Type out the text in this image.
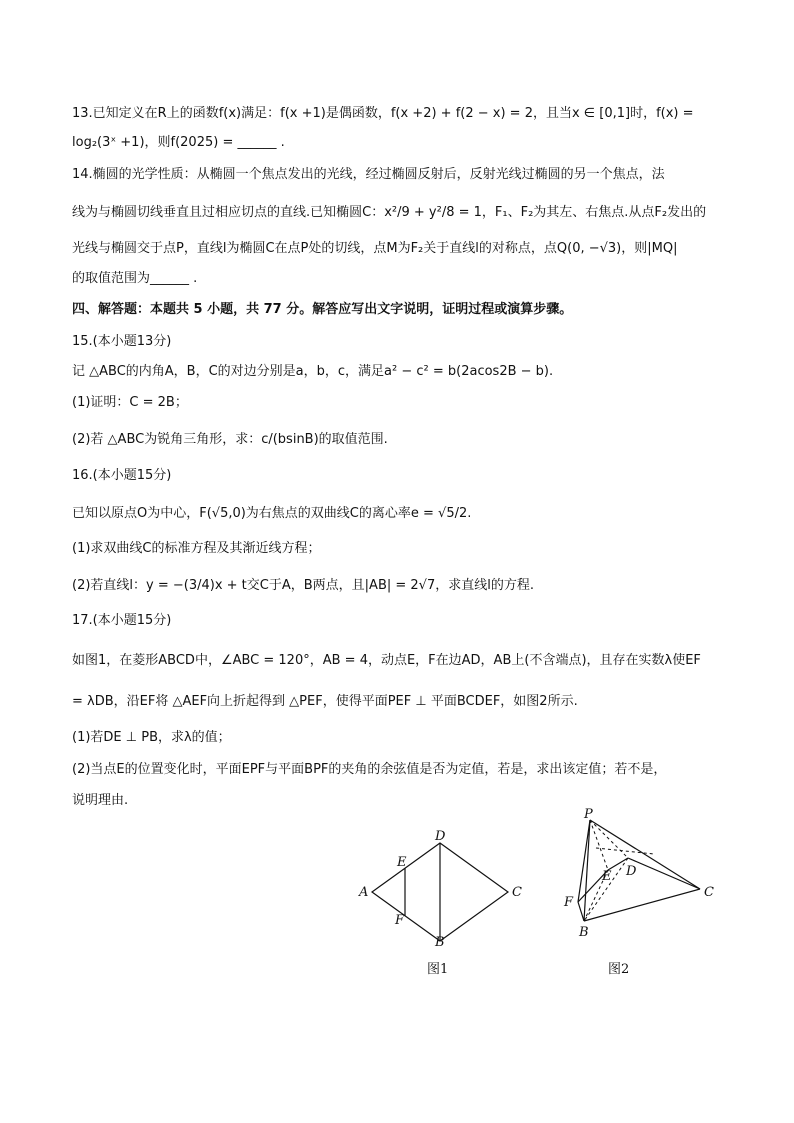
13.已知定义在R上的函数f(x)满足：f(x +1)是偶函数，f(x +2) + f(2 − x) = 2，且当x ∈ [0,1]时，f(x) =
log₂(3ˣ +1)，则f(2025) = ______ .
14.椭圆的光学性质：从椭圆一个焦点发出的光线，经过椭圆反射后，反射光线过椭圆的另一个焦点，法
线为与椭圆切线垂直且过相应切点的直线.已知椭圆C：x²/9 + y²/8 = 1，F₁、F₂为其左、右焦点.从点F₂发出的
光线与椭圆交于点P，直线l为椭圆C在点P处的切线，点M为F₂关于直线l的对称点，点Q(0, −√3)，则|MQ|
的取值范围为______ .
四、解答题：本题共 5 小题，共 77 分。解答应写出文字说明，证明过程或演算步骤。
15.(本小题13分)
记 △ABC的内角A，B，C的对边分别是a，b，c，满足a² − c² = b(2acos2B − b).
(1)证明：C = 2B；
(2)若 △ABC为锐角三角形，求：c/(bsinB)的取值范围.
16.(本小题15分)
已知以原点O为中心，F(√5,0)为右焦点的双曲线C的离心率e = √5/2.
(1)求双曲线C的标准方程及其渐近线方程；
(2)若直线l：y = −(3/4)x + t交C于A，B两点，且|AB| = 2√7，求直线l的方程.
17.(本小题15分)
如图1，在菱形ABCD中，∠ABC = 120°，AB = 4，动点E，F在边AD，AB上(不含端点)，且存在实数λ使EF
= λDB，沿EF将 △AEF向上折起得到 △PEF，使得平面PEF ⊥ 平面BCDEF，如图2所示.
(1)若DE ⊥ PB，求λ的值；
(2)当点E的位置变化时，平面EPF与平面BPF的夹角的余弦值是否为定值，若是，求出该定值；若不是，
说明理由.
A
D
C
B
E
F
图1
P
E D
C
F
B
图2
